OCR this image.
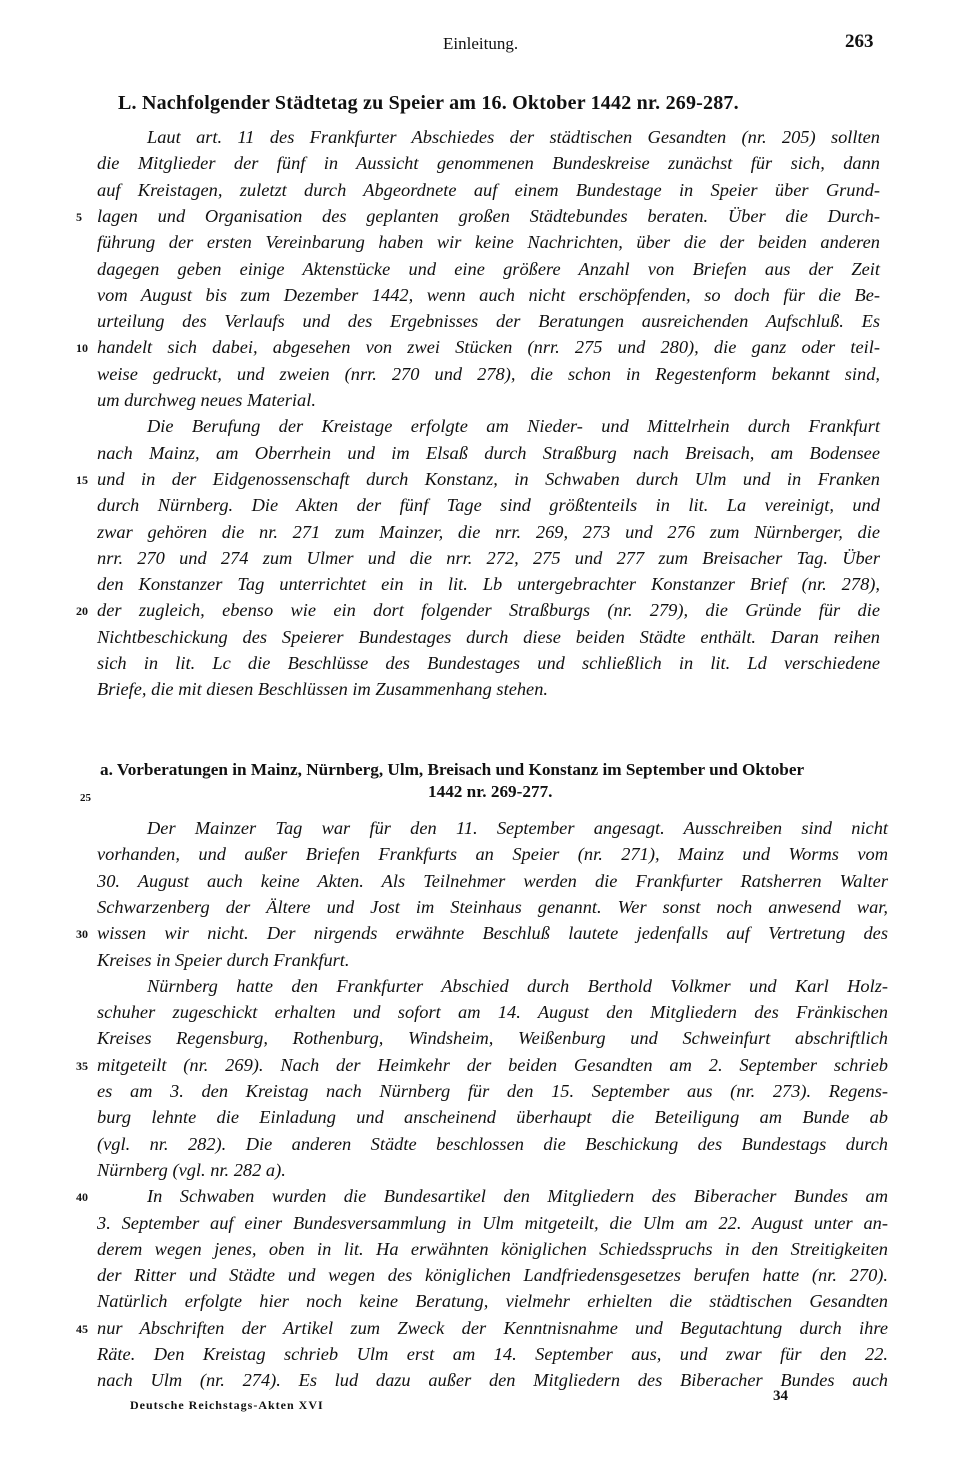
Einleitung.	263
L. Nachfolgender Städtetag zu Speier am 16. Oktober 1442 nr. 269-287.
Laut art. 11 des Frankfurter Abschiedes der städtischen Gesandten (nr. 205) sollten
die Mitglieder der fünf in Aussicht genommenen Bundeskreise zunächst für sich, dann
auf Kreistagen, zuletzt durch Abgeordnete auf einem Bundestage in Speier über Grund-
5 lagen und Organisation des geplanten großen Städtebundes beraten. Über die Durch-
führung der ersten Vereinbarung haben wir keine Nachrichten, über die der beiden anderen
dagegen geben einige Aktenstücke und eine größere Anzahl von Briefen aus der Zeit
vom August bis zum Dezember 1442, wenn auch nicht erschöpfenden, so doch für die Be-
urteilung des Verlaufs und des Ergebnisses der Beratungen ausreichenden Aufschluß. Es
10 handelt sich dabei, abgesehen von zwei Stücken (nrr. 275 und 280), die ganz oder teil-
weise gedruckt, und zweien (nrr. 270 und 278), die schon in Regestenform bekannt sind,
um durchweg neues Material.
Die Berufung der Kreistage erfolgte am Nieder- und Mittelrhein durch Frankfurt
nach Mainz, am Oberrhein und im Elsaß durch Straßburg nach Breisach, am Bodensee
15 und in der Eidgenossenschaft durch Konstanz, in Schwaben durch Ulm und in Franken
durch Nürnberg. Die Akten der fünf Tage sind größtenteils in lit. La vereinigt, und
zwar gehören die nr. 271 zum Mainzer, die nrr. 269, 273 und 276 zum Nürnberger, die
nrr. 270 und 274 zum Ulmer und die nrr. 272, 275 und 277 zum Breisacher Tag. Über
den Konstanzer Tag unterrichtet ein in lit. Lb untergebrachter Konstanzer Brief (nr. 278),
20 der zugleich, ebenso wie ein dort folgender Straßburgs (nr. 279), die Gründe für die
Nichtbeschickung des Speierer Bundestages durch diese beiden Städte enthält. Daran reihen
sich in lit. Lc die Beschlüsse des Bundestages und schließlich in lit. Ld verschiedene
Briefe, die mit diesen Beschlüssen im Zusammenhang stehen.
a. Vorberatungen in Mainz, Nürnberg, Ulm, Breisach und Konstanz im September und Oktober
25	1442 nr. 269-277.
Der Mainzer Tag war für den 11. September angesagt. Ausschreiben sind nicht
vorhanden, und außer Briefen Frankfurts an Speier (nr. 271), Mainz und Worms vom
30. August auch keine Akten. Als Teilnehmer werden die Frankfurter Ratsherren Walter
Schwarzenberg der Ältere und Jost im Steinhaus genannt. Wer sonst noch anwesend war,
30 wissen wir nicht. Der nirgends erwähnte Beschluß lautete jedenfalls auf Vertretung des
Kreises in Speier durch Frankfurt.
Nürnberg hatte den Frankfurter Abschied durch Berthold Volkmer und Karl Holz-
schuher zugeschickt erhalten und sofort am 14. August den Mitgliedern des Fränkischen
Kreises Regensburg, Rothenburg, Windsheim, Weißenburg und Schweinfurt abschriftlich
35 mitgeteilt (nr. 269). Nach der Heimkehr der beiden Gesandten am 2. September schrieb
es am 3. den Kreistag nach Nürnberg für den 15. September aus (nr. 273). Regens-
burg lehnte die Einladung und anscheinend überhaupt die Beteiligung am Bunde ab
(vgl. nr. 282). Die anderen Städte beschlossen die Beschickung des Bundestags durch
Nürnberg (vgl. nr. 282 a).
40	In Schwaben wurden die Bundesartikel den Mitgliedern des Biberacher Bundes am
3. September auf einer Bundesversammlung in Ulm mitgeteilt, die Ulm am 22. August unter an-
derem wegen jenes, oben in lit. Ha erwähnten königlichen Schiedsspruchs in den Streitigkeiten
der Ritter und Städte und wegen des königlichen Landfriedensgesetzes berufen hatte (nr. 270).
Natürlich erfolgte hier noch keine Beratung, vielmehr erhielten die städtischen Gesandten
45 nur Abschriften der Artikel zum Zweck der Kenntnisnahme und Begutachtung durch ihre
Räte. Den Kreistag schrieb Ulm erst am 14. September aus, und zwar für den 22.
nach Ulm (nr. 274). Es lud dazu außer den Mitgliedern des Biberacher Bundes auch
Deutsche Reichstags-Akten XVI
34
